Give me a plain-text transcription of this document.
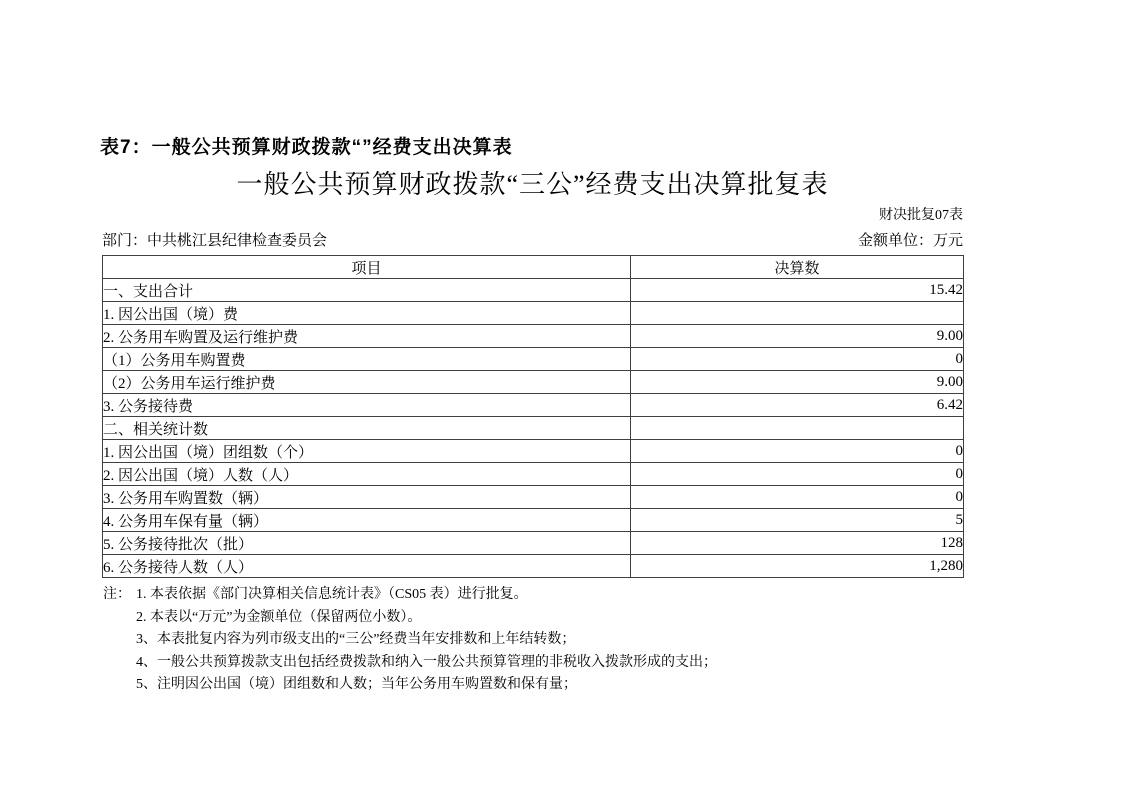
表7：一般公共预算财政拨款“”经费支出决算表
一般公共预算财政拨款“三公”经费支出决算批复表
财决批复07表
部门：中共桃江县纪律检查委员会	金额单位：万元
项目	决算数
一、支出合计	15.42
1. 因公出国（境）费	
2. 公务用车购置及运行维护费	9.00
（1）公务用车购置费	0
（2）公务用车运行维护费	9.00
3. 公务接待费	6.42
二、相关统计数	
1. 因公出国（境）团组数（个）	0
2. 因公出国（境）人数（人）	0
3. 公务用车购置数（辆）	0
4. 公务用车保有量（辆）	5
5. 公务接待批次（批）	128
6. 公务接待人数（人）	1,280
注： 1. 本表依据《部门决算相关信息统计表》（CS05 表）进行批复。
2. 本表以“万元”为金额单位（保留两位小数）。
3、本表批复内容为列市级支出的“三公”经费当年安排数和上年结转数；
4、一般公共预算拨款支出包括经费拨款和纳入一般公共预算管理的非税收入拨款形成的支出；
5、注明因公出国（境）团组数和人数；当年公务用车购置数和保有量；
